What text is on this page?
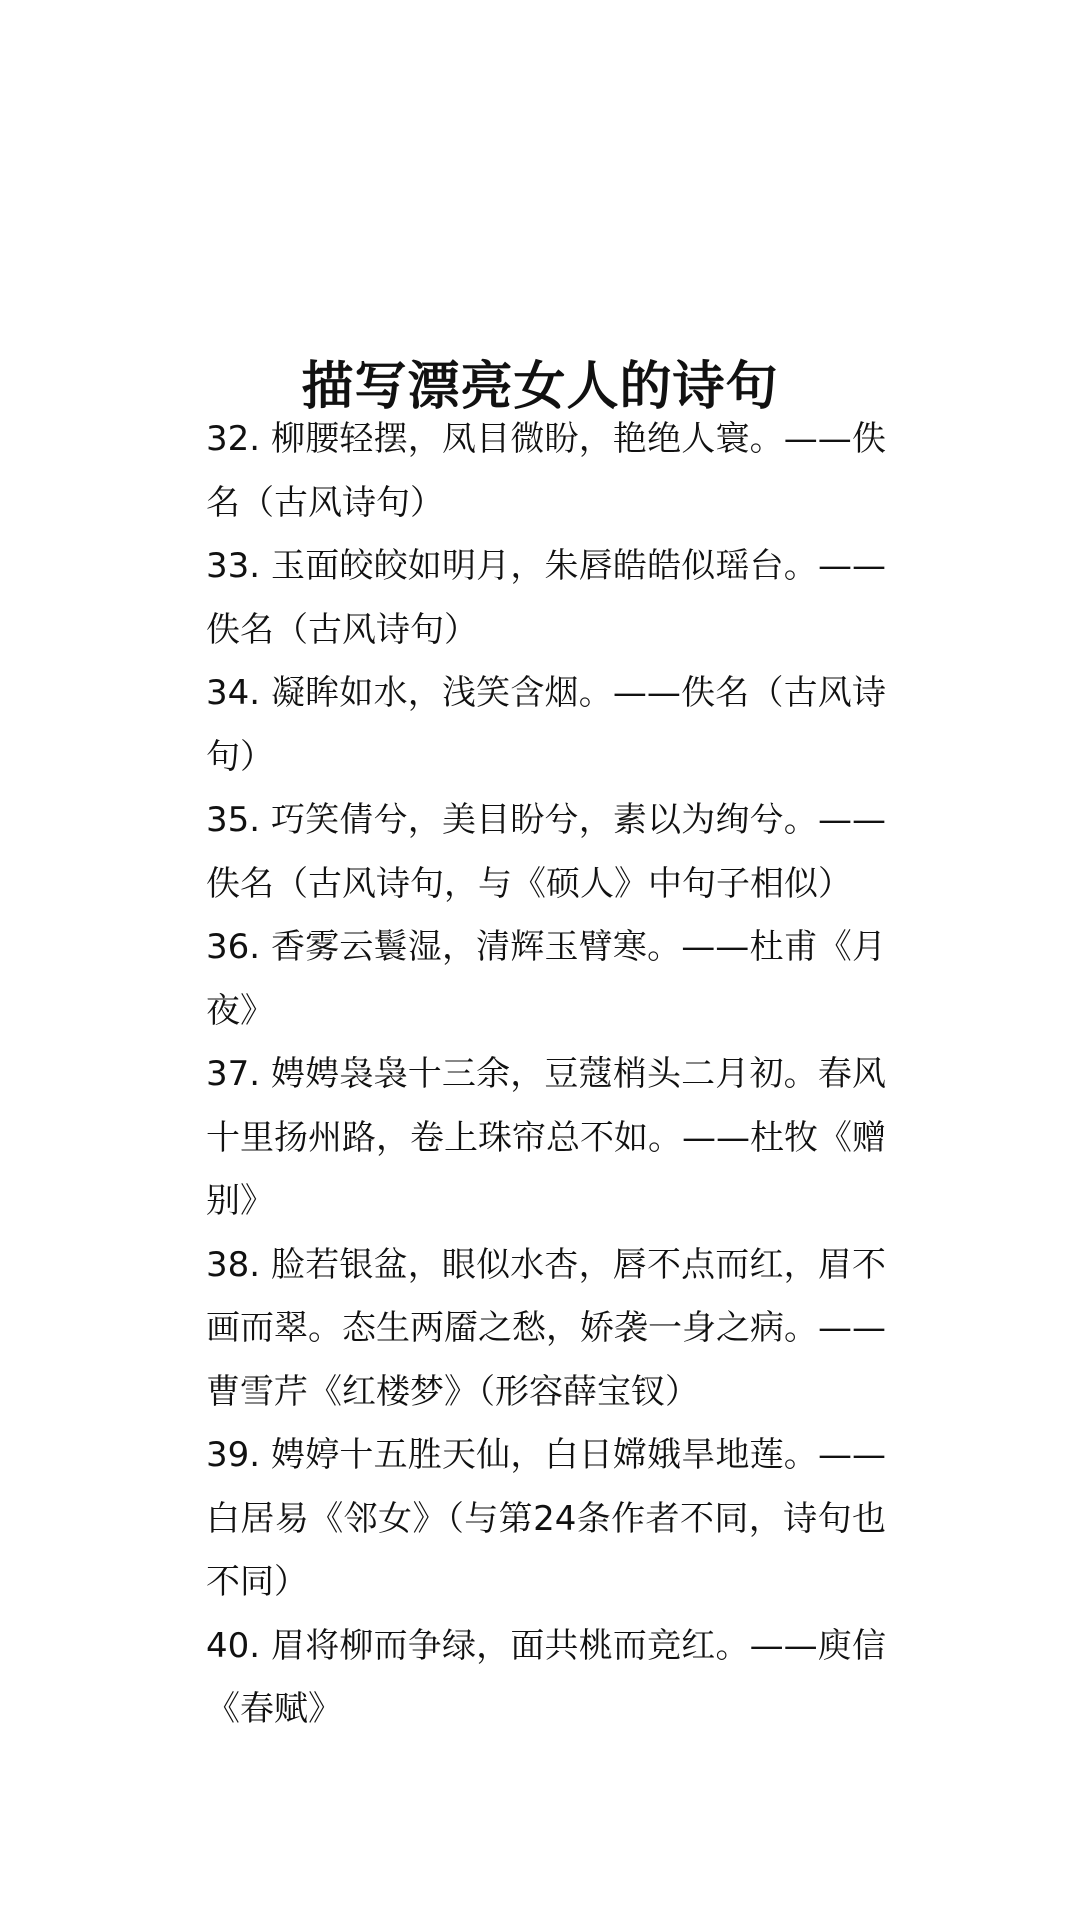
描写漂亮女人的诗句
32. 柳腰轻摆，凤目微盼，艳绝人寰。——佚名（古风诗句）
33. 玉面皎皎如明月，朱唇皓皓似瑶台。——佚名（古风诗句）
34. 凝眸如水，浅笑含烟。——佚名（古风诗句）
35. 巧笑倩兮，美目盼兮，素以为绚兮。——佚名（古风诗句，与《硕人》中句子相似）
36. 香雾云鬟湿，清辉玉臂寒。——杜甫《月夜》
37. 娉娉袅袅十三余，豆蔻梢头二月初。春风十里扬州路，卷上珠帘总不如。——杜牧《赠别》
38. 脸若银盆，眼似水杏，唇不点而红，眉不画而翠。态生两靥之愁，娇袭一身之病。——曹雪芹《红楼梦》（形容薛宝钗）
39. 娉婷十五胜天仙，白日嫦娥旱地莲。——白居易《邻女》（与第24条作者不同，诗句也不同）
40. 眉将柳而争绿，面共桃而竞红。——庾信《春赋》
